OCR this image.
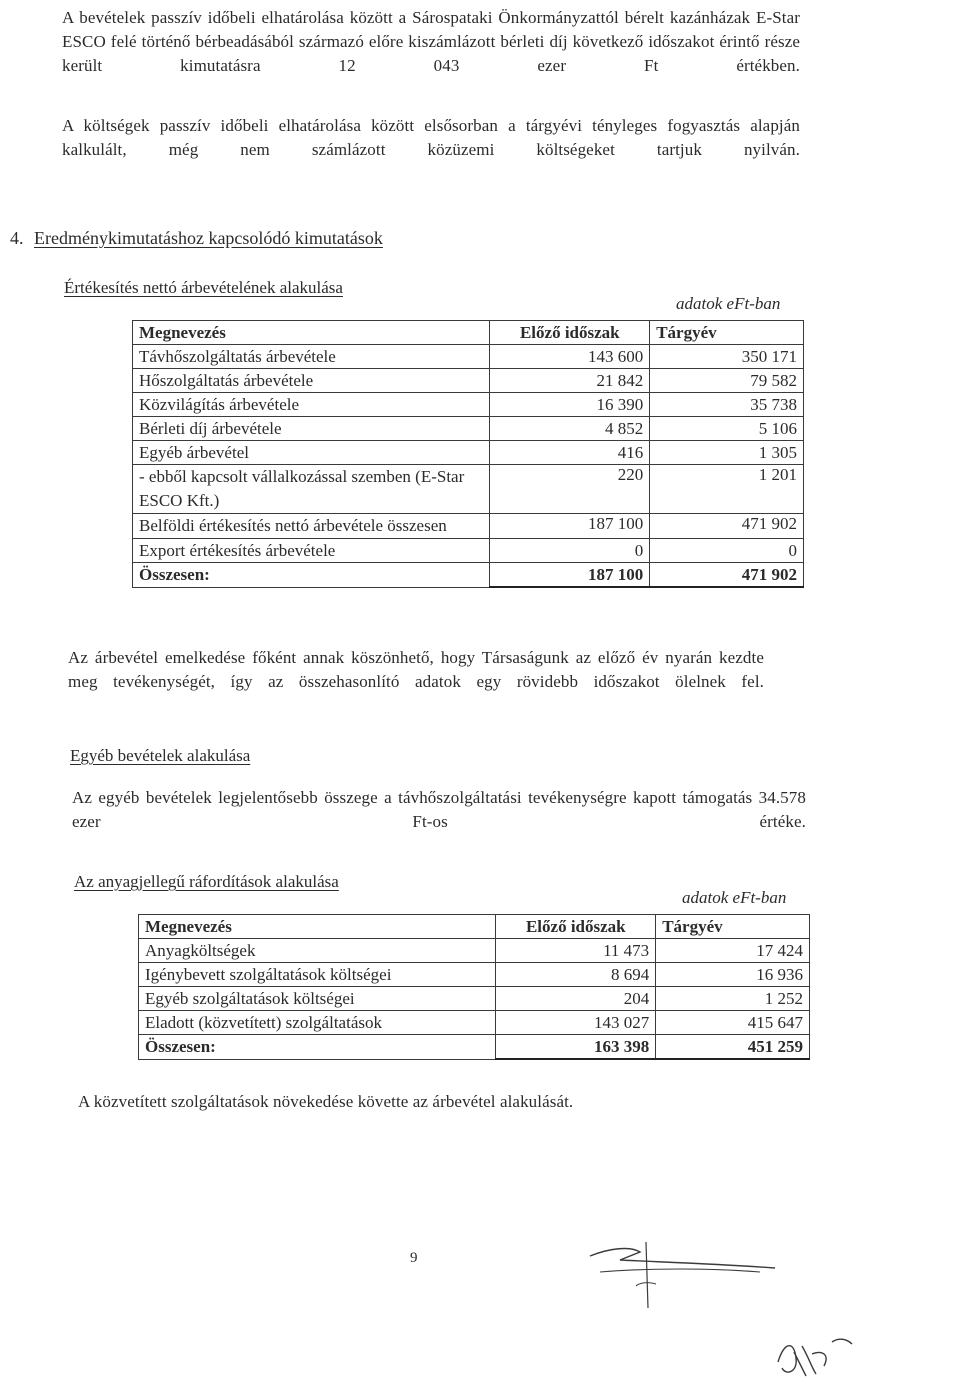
A bevételek passzív időbeli elhatárolása között a Sárospataki Önkormányzattól bérelt kazánházak E-Star ESCO felé történő bérbeadásából származó előre kiszámlázott bérleti díj következő időszakot érintő része került kimutatásra 12 043 ezer Ft értékben.

A költségek passzív időbeli elhatárolása között elsősorban a tárgyévi tényleges fogyasztás alapján kalkulált, még nem számlázott közüzemi költségeket tartjuk nyilván.

4. Eredménykimutatáshoz kapcsolódó kimutatások
Értékesítés nettó árbevételének alakulása
adatok eFt-ban
Megnevezés	Előző időszak	Tárgyév
Távhőszolgáltatás árbevétele	143 600	350 171
Hőszolgáltatás árbevétele	21 842	79 582
Közvilágítás árbevétele	16 390	35 738
Bérleti díj árbevétele	4 852	5 106
Egyéb árbevétel	416	1 305
- ebből kapcsolt vállalkozással szemben (E-Star ESCO Kft.)	220	1 201
Belföldi értékesítés nettó árbevétele összesen	187 100	471 902
Export értékesítés árbevétele	0	0
Összesen:	187 100	471 902

Az árbevétel emelkedése főként annak köszönhető, hogy Társaságunk az előző év nyarán kezdte meg tevékenységét, így az összehasonlító adatok egy rövidebb időszakot ölelnek fel.

Egyéb bevételek alakulása

Az egyéb bevételek legjelentősebb összege a távhőszolgáltatási tevékenységre kapott támogatás 34.578 ezer Ft-os értéke.

Az anyagjellegű ráfordítások alakulása
adatok eFt-ban
Megnevezés	Előző időszak	Tárgyév
Anyagköltségek	11 473	17 424
Igénybevett szolgáltatások költségei	8 694	16 936
Egyéb szolgáltatások költségei	204	1 252
Eladott (közvetített) szolgáltatások	143 027	415 647
Összesen:	163 398	451 259

A közvetített szolgáltatások növekedése követte az árbevétel alakulását.

9
